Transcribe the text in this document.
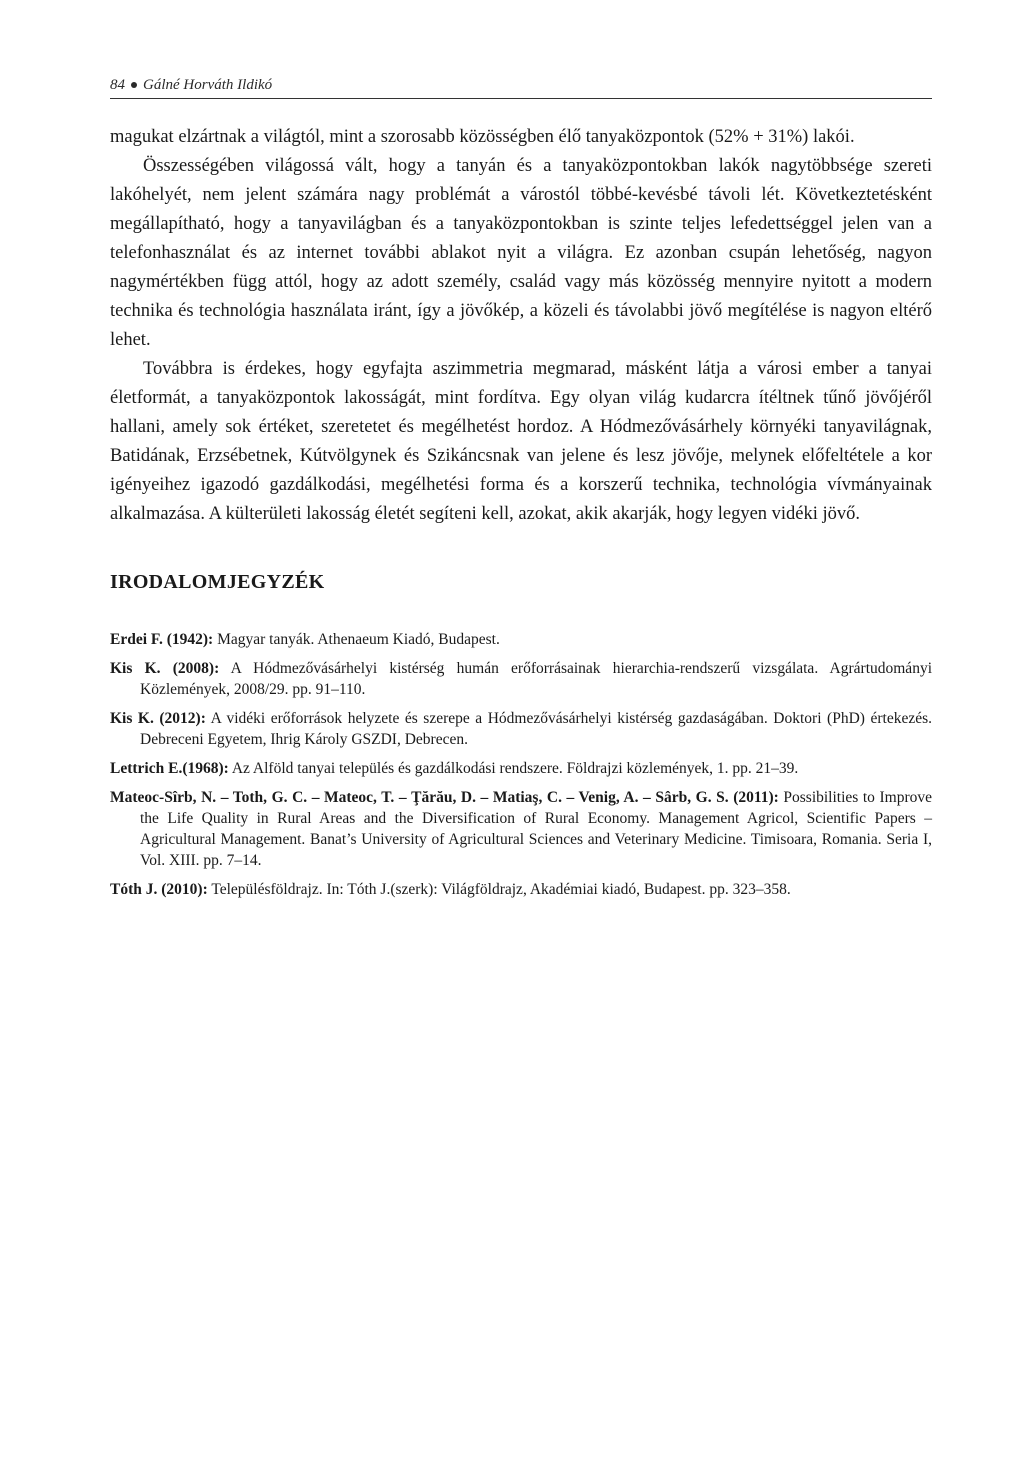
84 Gálné Horváth Ildikó

magukat elzártnak a világtól, mint a szorosabb közösségben élő tanyaközpontok (52% + 31%) lakói.

Összességében világossá vált, hogy a tanyán és a tanyaközpontokban lakók nagytöbbsége szereti lakóhelyét, nem jelent számára nagy problémát a várostól többé-kevésbé távoli lét. Következtetésként megállapítható, hogy a tanyavilágban és a tanyaközpontokban is szinte teljes lefedettséggel jelen van a telefonhasználat és az internet további ablakot nyit a világra. Ez azonban csupán lehetőség, nagyon nagymértékben függ attól, hogy az adott személy, család vagy más közösség mennyire nyitott a modern technika és technológia használata iránt, így a jövőkép, a közeli és távolabbi jövő megítélése is nagyon eltérő lehet.

Továbbra is érdekes, hogy egyfajta aszimmetria megmarad, másként látja a városi ember a tanyai életformát, a tanyaközpontok lakosságát, mint fordítva. Egy olyan világ kudarcra ítéltnek tűnő jövőjéről hallani, amely sok értéket, szeretetet és megélhetést hordoz. A Hódmezővásárhely környéki tanyavilágnak, Batidának, Erzsébetnek, Kútvölgynek és Szikáncsnak van jelene és lesz jövője, melynek előfeltétele a kor igényeihez igazodó gazdálkodási, megélhetési forma és a korszerű technika, technológia vívmányainak alkalmazása. A külterületi lakosság életét segíteni kell, azokat, akik akarják, hogy legyen vidéki jövő.

IRODALOMJEGYZÉK

Erdei F. (1942): Magyar tanyák. Athenaeum Kiadó, Budapest.

Kis K. (2008): A Hódmezővásárhelyi kistérség humán erőforrásainak hierarchia-rendszerű vizsgálata. Agrártudományi Közlemények, 2008/29. pp. 91–110.

Kis K. (2012): A vidéki erőforrások helyzete és szerepe a Hódmezővásárhelyi kistérség gazdaságában. Doktori (PhD) értekezés. Debreceni Egyetem, Ihrig Károly GSZDI, Debrecen.

Lettrich E.(1968): Az Alföld tanyai település és gazdálkodási rendszere. Földrajzi közlemények, 1. pp. 21–39.

Mateoc-Sîrb, N. – Toth, G. C. – Mateoc, T. – Ţărău, D. – Matiaş, C. – Venig, A. – Sârb, G. S. (2011): Possibilities to Improve the Life Quality in Rural Areas and the Diversification of Rural Economy. Management Agricol, Scientific Papers – Agricultural Management. Banat’s University of Agricultural Sciences and Veterinary Medicine. Timisoara, Romania. Seria I, Vol. XIII. pp. 7–14.

Tóth J. (2010): Településföldrajz. In: Tóth J.(szerk): Világföldrajz, Akadémiai kiadó, Budapest. pp. 323–358.
